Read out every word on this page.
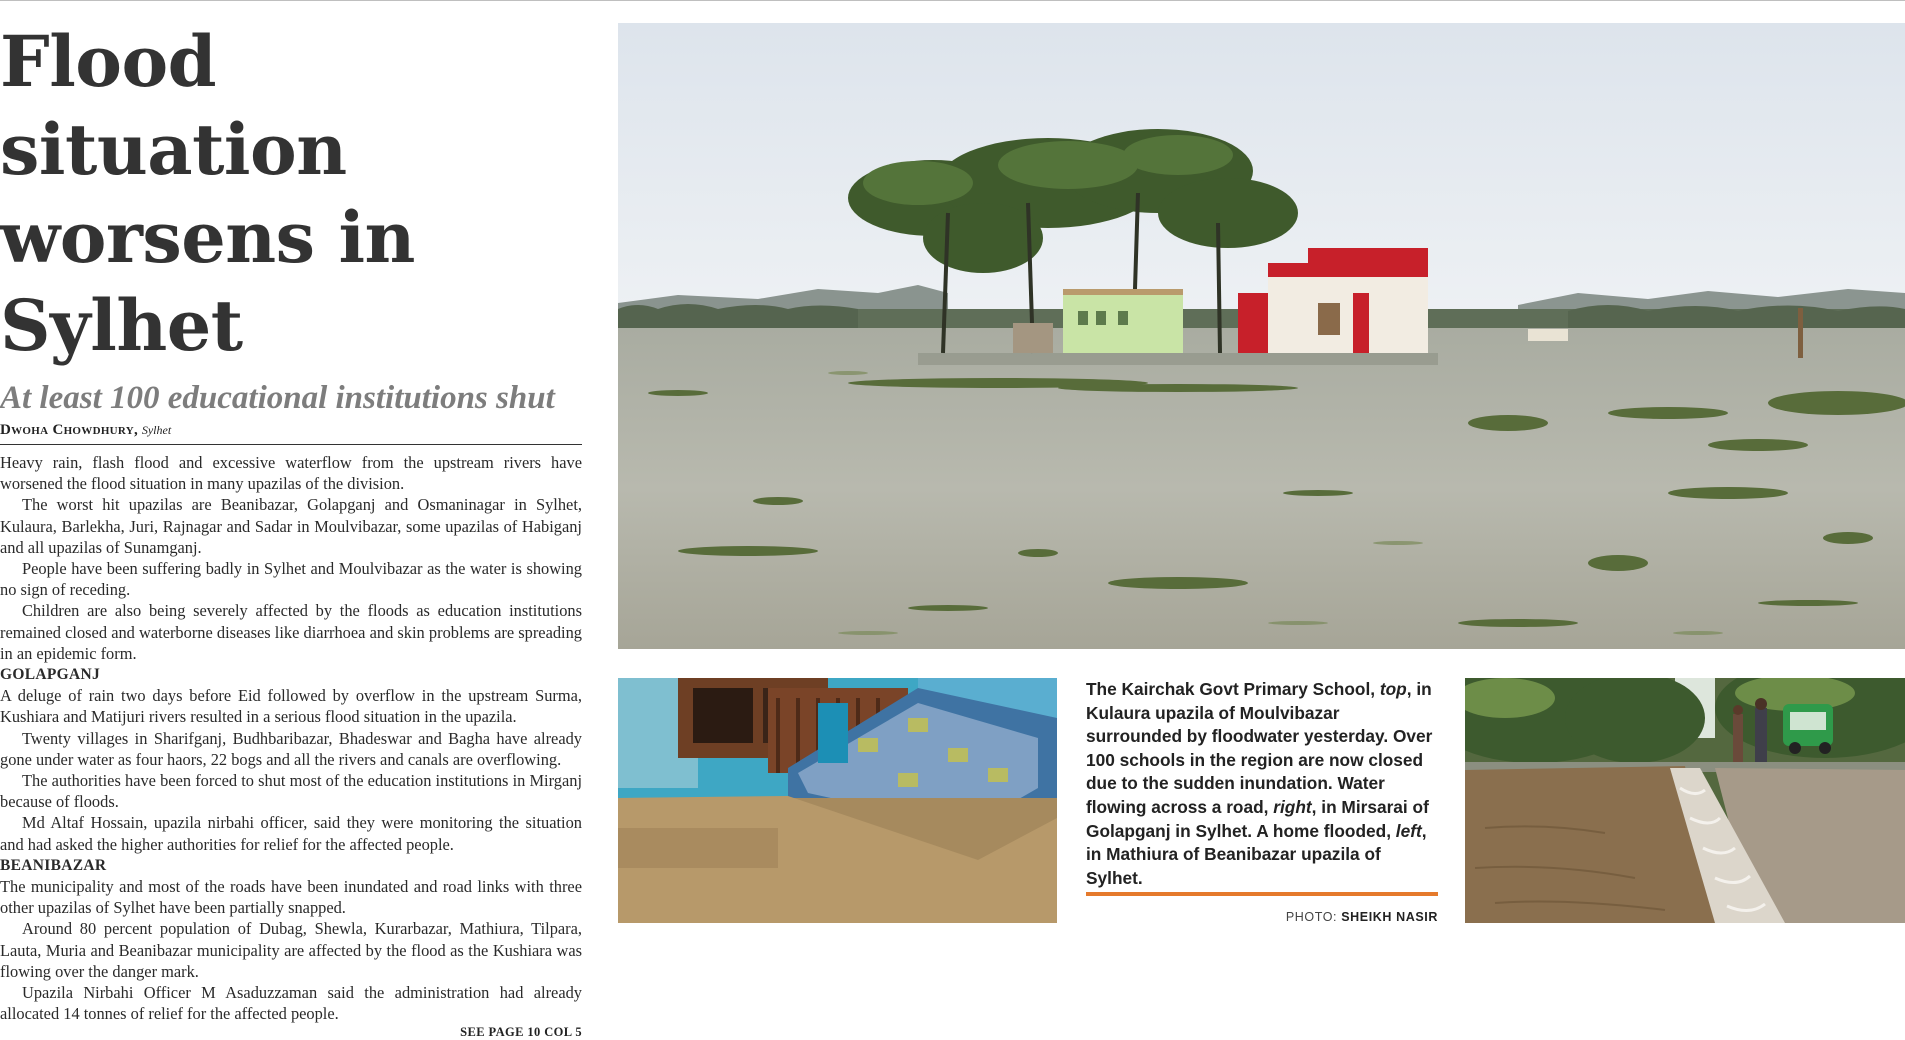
Flood situation
worsens in Sylhet
At least 100 educational institutions shut
Dwoha Chowdhury, Sylhet

Heavy rain, flash flood and excessive waterflow from the upstream rivers have worsened the flood situation in many upazilas of the division.

The worst hit upazilas are Beanibazar, Golapganj and Osmaninagar in Sylhet, Kulaura, Barlekha, Juri, Rajnagar and Sadar in Moulvibazar, some upazilas of Habiganj and all upazilas of Sunamganj.

People have been suffering badly in Sylhet and Moulvibazar as the water is showing no sign of receding.

Children are also being severely affected by the floods as education institutions remained closed and waterborne diseases like diarrhoea and skin problems are spreading in an epidemic form.

GOLAPGANJ

A deluge of rain two days before Eid followed by overflow in the upstream Surma, Kushiara and Matijuri rivers resulted in a serious flood situation in the upazila.

Twenty villages in Sharifganj, Budhbaribazar, Bhadeswar and Bagha have already gone under water as four haors, 22 bogs and all the rivers and canals are overflowing.

The authorities have been forced to shut most of the education institutions in Mirganj because of floods.

Md Altaf Hossain, upazila nirbahi officer, said they were monitoring the situation and had asked the higher authorities for relief for the affected people.

BEANIBAZAR

The municipality and most of the roads have been inundated and road links with three other upazilas of Sylhet have been partially snapped.

Around 80 percent population of Dubag, Shewla, Kurarbazar, Mathiura, Tilpara, Lauta, Muria and Beanibazar municipality are affected by the flood as the Kushiara was flowing over the danger mark.

Upazila Nirbahi Officer M Asaduzzaman said the administration had already allocated 14 tonnes of relief for the affected people.

SEE PAGE 10 COL 5
The Kairchak Govt Primary School, top, in Kulaura upazila of Moulvibazar surrounded by floodwater yesterday. Over 100 schools in the region are now closed due to the sudden inundation. Water flowing across a road, right, in Mirsarai of Golapganj in Sylhet. A home flooded, left, in Mathiura of Beanibazar upazila of Sylhet.
PHOTO: SHEIKH NASIR
